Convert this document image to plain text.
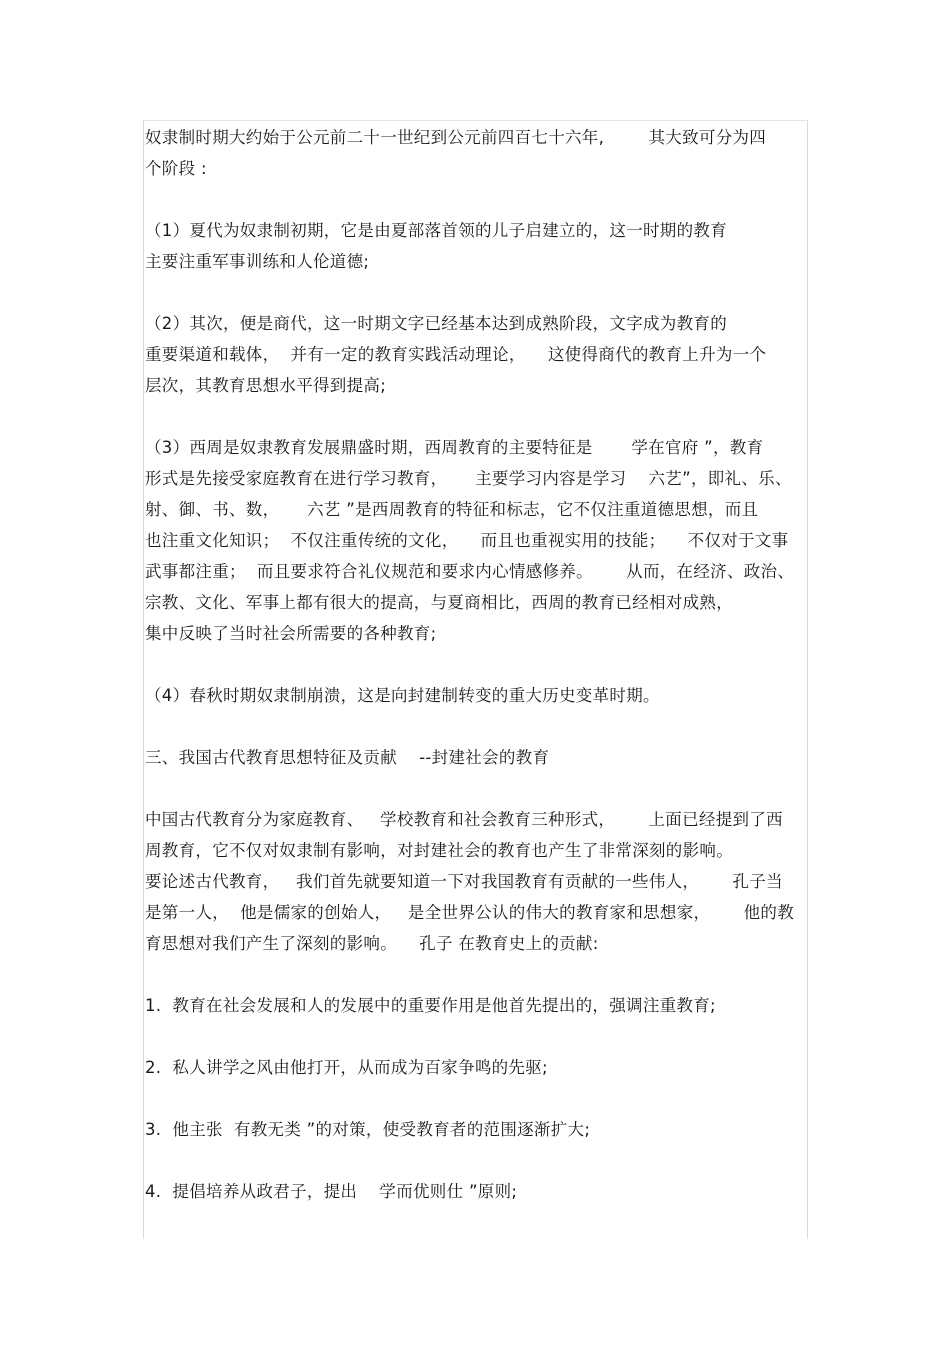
奴隶制时期大约始于公元前二十一世纪到公元前四百七十六年,        其大致可分为四
个阶段 :
（1）夏代为奴隶制初期，它是由夏部落首领的儿子启建立的，这一时期的教育
主要注重军事训练和人伦道德;
（2）其次，便是商代，这一时期文字已经基本达到成熟阶段，文字成为教育的
重要渠道和载体，  并有一定的教育实践活动理论，    这使得商代的教育上升为一个
层次，其教育思想水平得到提高;
（3）西周是奴隶教育发展鼎盛时期，西周教育的主要特征是       学在官府 ”，教育
形式是先接受家庭教育在进行学习教育，     主要学习内容是学习    六艺”，即礼、乐、
射、御、书、数，     六艺 ”是西周教育的特征和标志，它不仅注重道德思想，而且
也注重文化知识；  不仅注重传统的文化，    而且也重视实用的技能；    不仅对于文事
武事都注重；  而且要求符合礼仪规范和要求内心情感修养。      从而，在经济、政治、
宗教、文化、军事上都有很大的提高，与夏商相比，西周的教育已经相对成熟，
集中反映了当时社会所需要的各种教育;
（4）春秋时期奴隶制崩溃，这是向封建制转变的重大历史变革时期。
三、我国古代教育思想特征及贡献    --封建社会的教育
中国古代教育分为家庭教育、   学校教育和社会教育三种形式，      上面已经提到了西
周教育，它不仅对奴隶制有影响，对封建社会的教育也产生了非常深刻的影响。
要论述古代教育，   我们首先就要知道一下对我国教育有贡献的一些伟人，      孔子当
是第一人，  他是儒家的创始人，   是全世界公认的伟大的教育家和思想家，      他的教
育思想对我们产生了深刻的影响。    孔子 在教育史上的贡献:
1.  教育在社会发展和人的发展中的重要作用是他首先提出的，强调注重教育;
2.  私人讲学之风由他打开，从而成为百家争鸣的先驱;
3.  他主张  有教无类 ”的对策，使受教育者的范围逐渐扩大;
4.  提倡培养从政君子，提出    学而优则仕 ”原则;
